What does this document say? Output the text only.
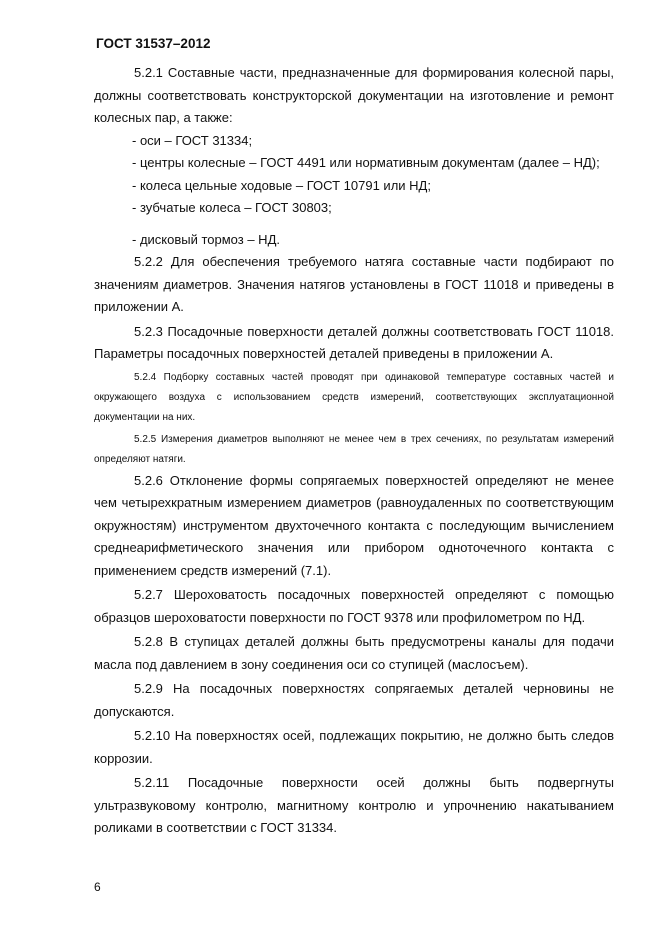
ГОСТ 31537–2012

5.2.1 Составные части, предназначенные для формирования колесной пары, должны соответствовать конструкторской документации на изготовление и ремонт колесных пар, а также:

- оси – ГОСТ 31334;

- центры колесные – ГОСТ 4491 или нормативным документам (далее – НД);

- колеса цельные ходовые – ГОСТ 10791 или НД;

- зубчатые колеса – ГОСТ 30803;

- дисковый тормоз – НД.

5.2.2 Для обеспечения требуемого натяга составные части подбирают по значениям диаметров. Значения натягов установлены в ГОСТ 11018 и приведены в приложении А.

5.2.3 Посадочные поверхности деталей должны соответствовать ГОСТ 11018. Параметры посадочных поверхностей деталей приведены в приложении А.

5.2.4 Подборку составных частей проводят при одинаковой температуре составных частей и окружающего воздуха с использованием средств измерений, соответствующих эксплуатационной документации на них.

5.2.5 Измерения диаметров выполняют не менее чем в трех сечениях, по результатам измерений определяют натяги.

5.2.6 Отклонение формы сопрягаемых поверхностей определяют не менее чем четырехкратным измерением диаметров (равноудаленных по соответствующим окружностям) инструментом двухточечного контакта с последующим вычислением среднеарифметического значения или прибором одноточечного контакта с применением средств измерений (7.1).

5.2.7 Шероховатость посадочных поверхностей определяют с помощью образцов шероховатости поверхности по ГОСТ 9378 или профилометром по НД.

5.2.8 В ступицах деталей должны быть предусмотрены каналы для подачи масла под давлением в зону соединения оси со ступицей (маслосъем).

5.2.9 На посадочных поверхностях сопрягаемых деталей черновины не допускаются.

5.2.10 На поверхностях осей, подлежащих покрытию, не должно быть следов коррозии.

5.2.11 Посадочные поверхности осей должны быть подвергнуты ультразвуковому контролю, магнитному контролю и упрочнению накатыванием роликами в соответствии с ГОСТ 31334.

6
